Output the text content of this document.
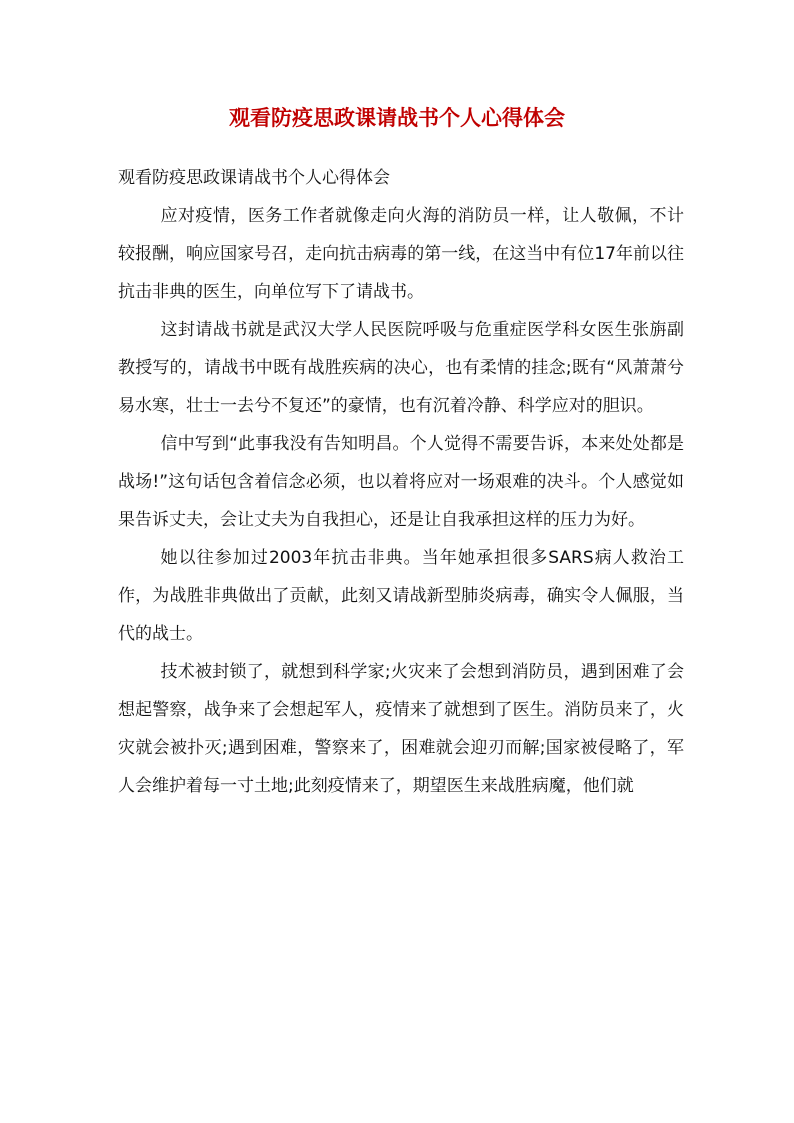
观看防疫思政课请战书个人心得体会

观看防疫思政课请战书个人心得体会

应对疫情，医务工作者就像走向火海的消防员一样，让人敬佩，不计较报酬，响应国家号召，走向抗击病毒的第一线，在这当中有位17年前以往抗击非典的医生，向单位写下了请战书。

这封请战书就是武汉大学人民医院呼吸与危重症医学科女医生张旃副教授写的，请战书中既有战胜疾病的决心，也有柔情的挂念;既有“风萧萧兮易水寒，壮士一去兮不复还”的豪情，也有沉着冷静、科学应对的胆识。

信中写到“此事我没有告知明昌。个人觉得不需要告诉，本来处处都是战场!”这句话包含着信念必须，也以着将应对一场艰难的决斗。个人感觉如果告诉丈夫，会让丈夫为自我担心，还是让自我承担这样的压力为好。

她以往参加过2003年抗击非典。当年她承担很多SARS病人救治工作，为战胜非典做出了贡献，此刻又请战新型肺炎病毒，确实令人佩服，当代的战士。

技术被封锁了，就想到科学家;火灾来了会想到消防员，遇到困难了会想起警察，战争来了会想起军人，疫情来了就想到了医生。消防员来了，火灾就会被扑灭;遇到困难，警察来了，困难就会迎刃而解;国家被侵略了，军人会维护着每一寸土地;此刻疫情来了，期望医生来战胜病魔，他们就
